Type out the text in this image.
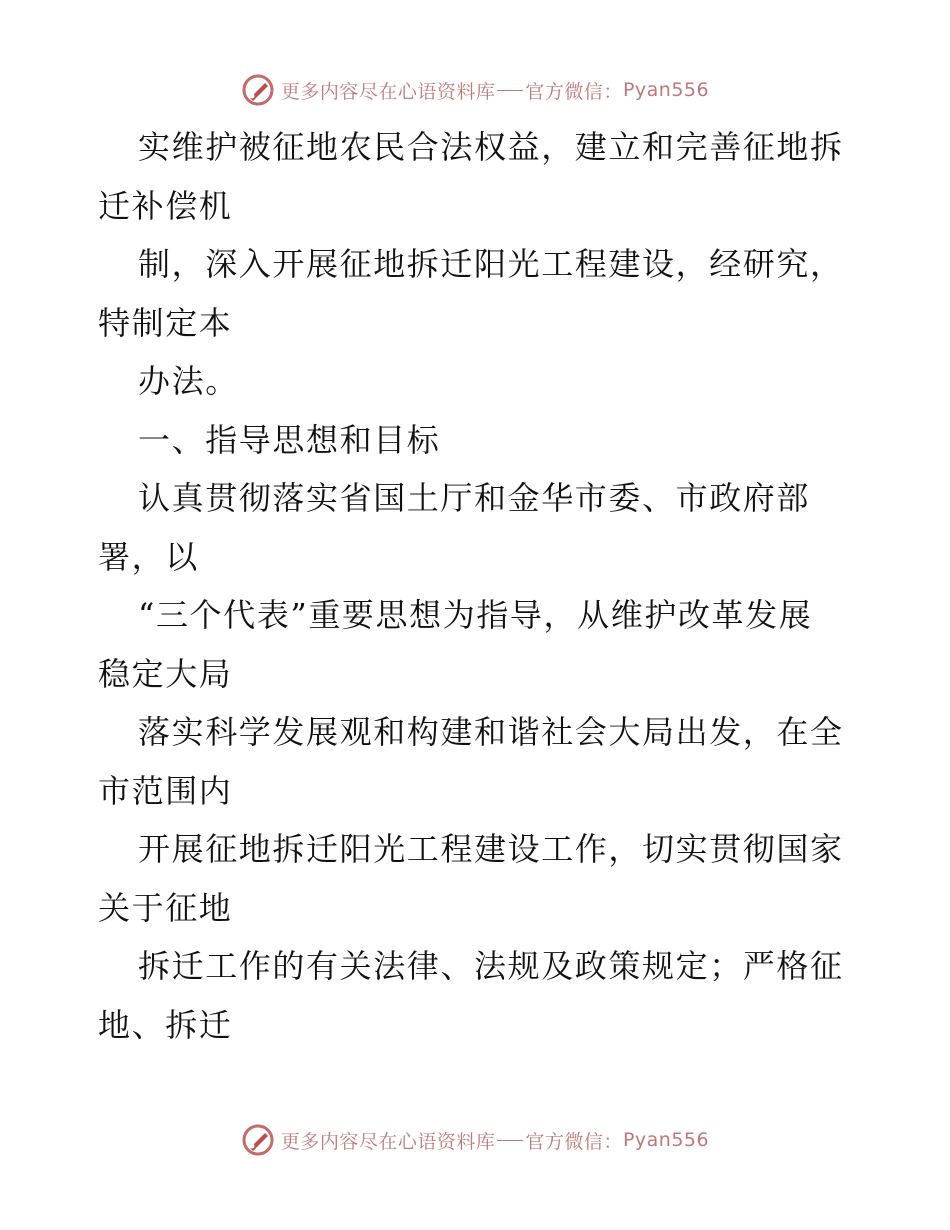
更多内容尽在心语资料库 官方微信： Pyan556

实维护被征地农民合法权益，建立和完善征地拆

迁补偿机

制，深入开展征地拆迁阳光工程建设，经研究，

特制定本

办法。

一、指导思想和目标

认真贯彻落实省国土厅和金华市委、市政府部

署，以

“三个代表”重要思想为指导，从维护改革发展

稳定大局

落实科学发展观和构建和谐社会大局出发，在全

市范围内

开展征地拆迁阳光工程建设工作，切实贯彻国家

关于征地

拆迁工作的有关法律、法规及政策规定；严格征

地、拆迁

更多内容尽在心语资料库 官方微信： Pyan556
